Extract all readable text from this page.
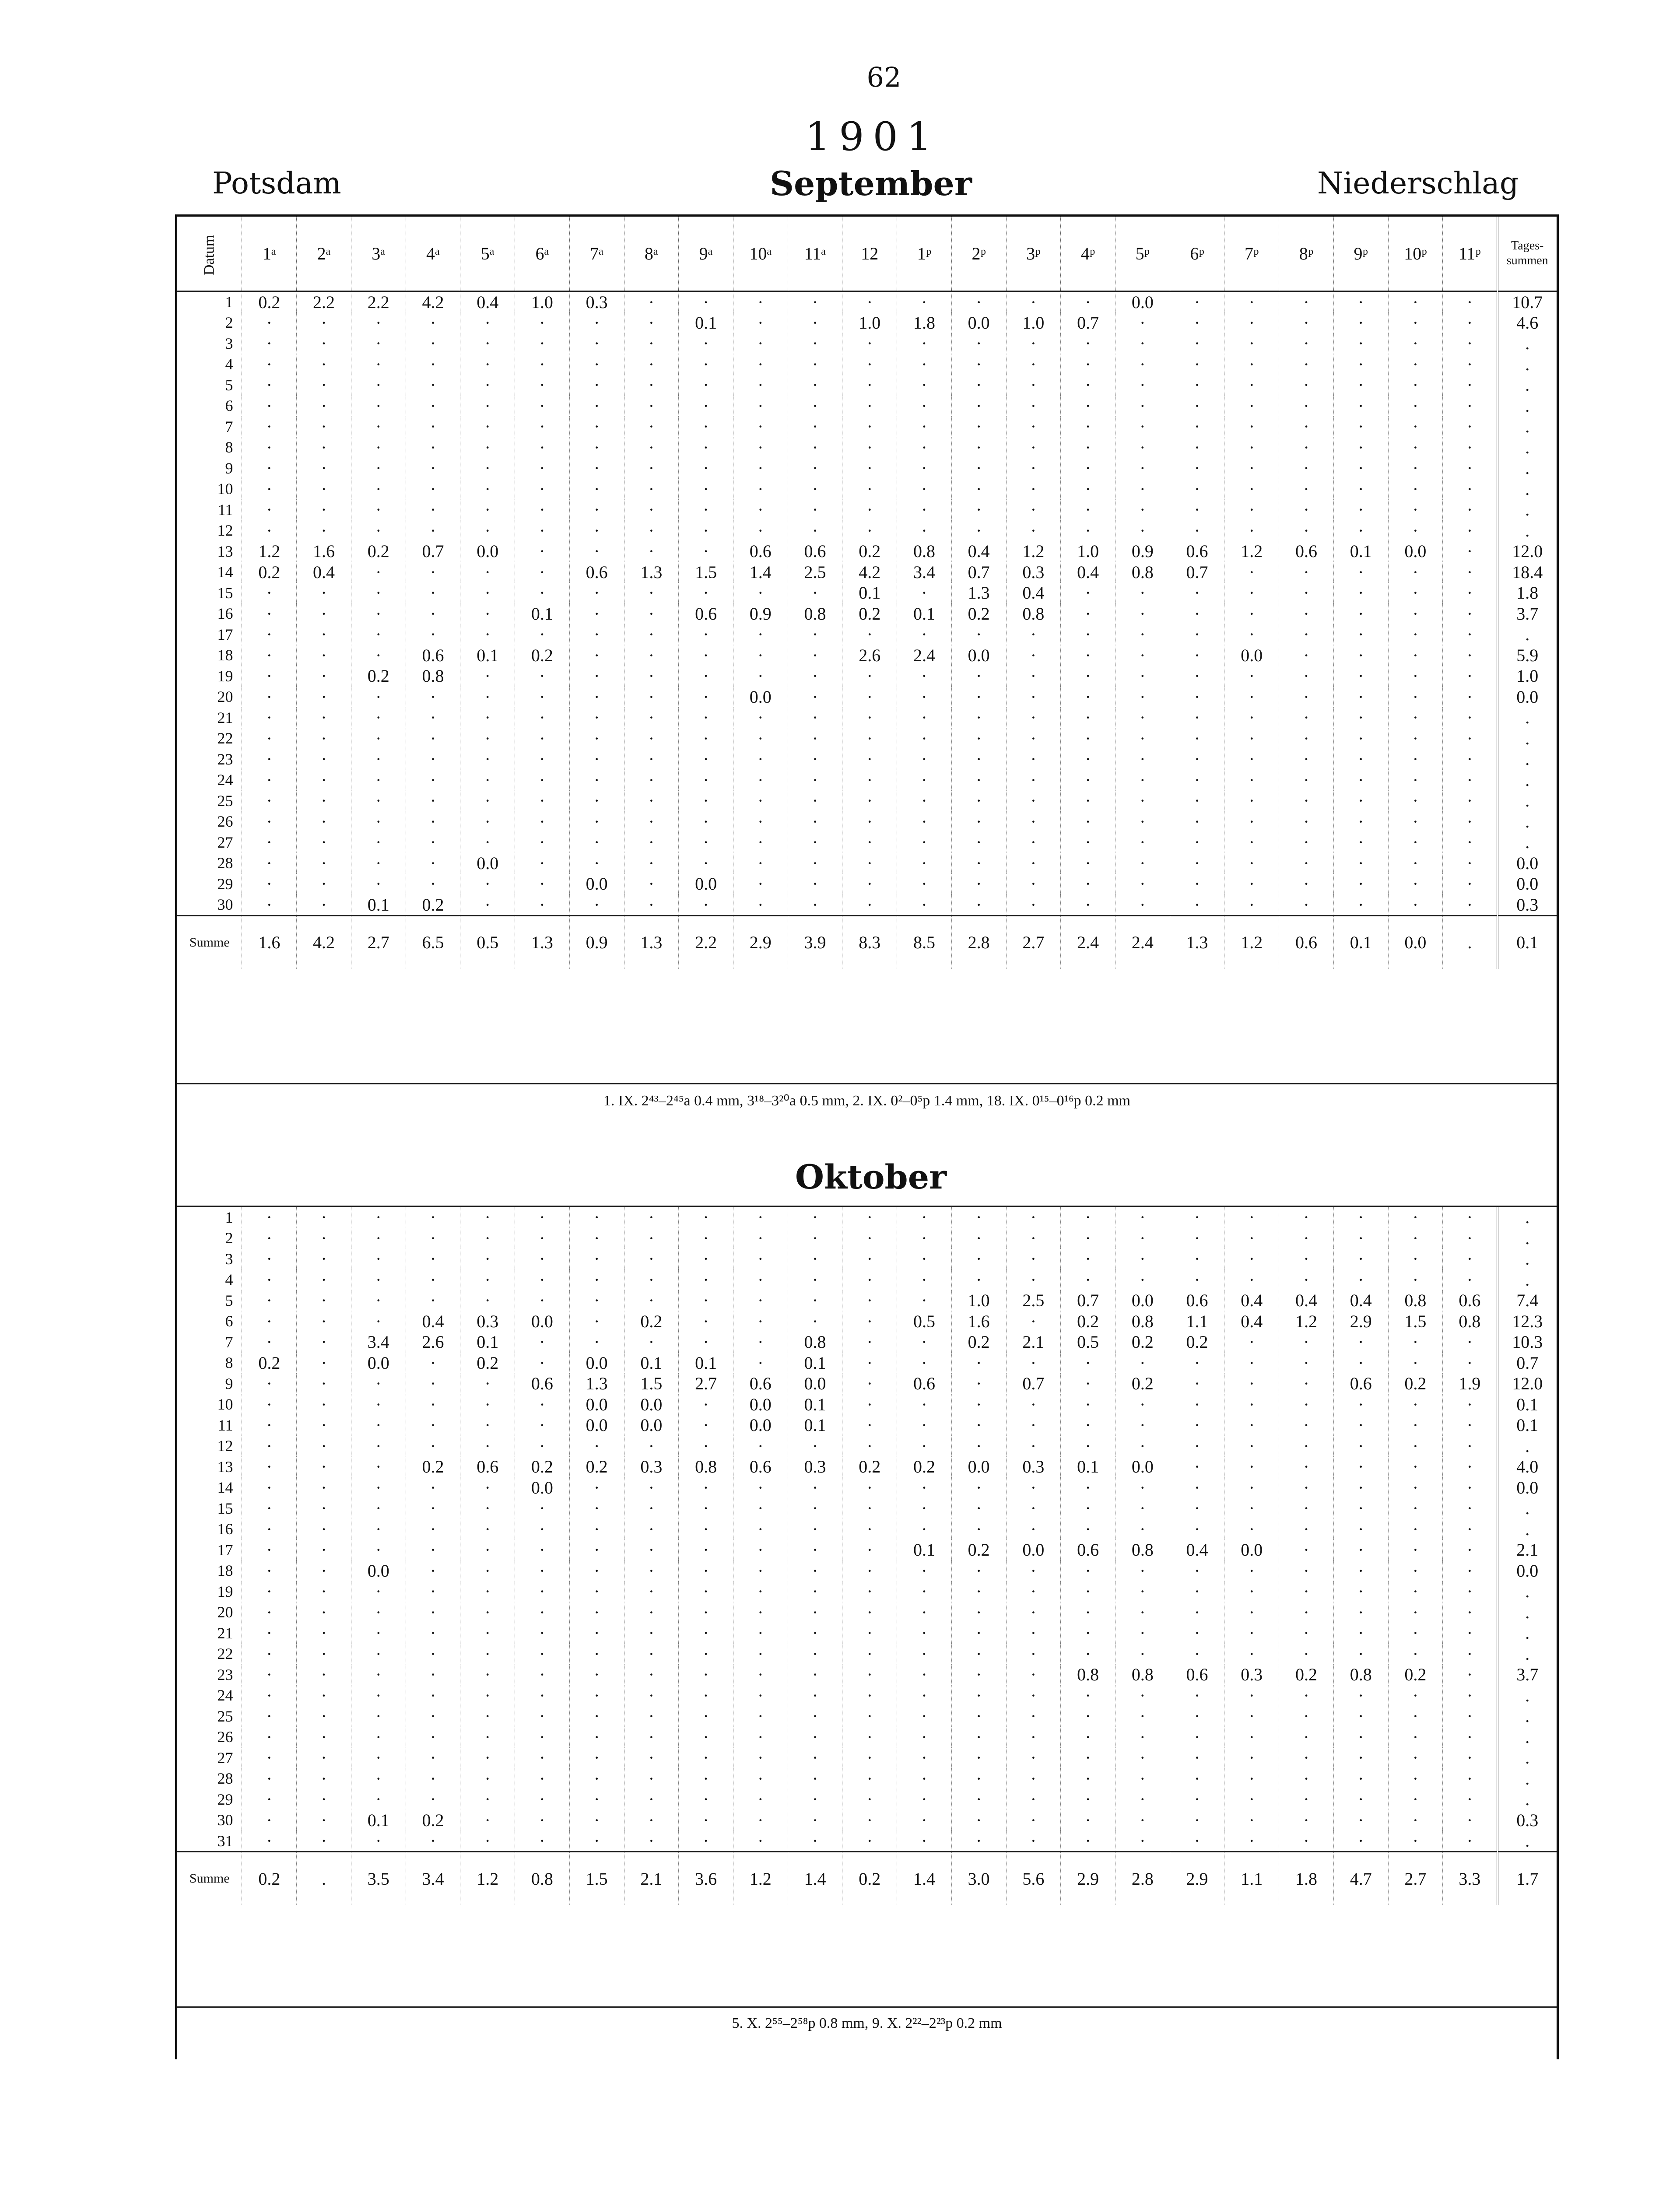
62
1901
Potsdam	September	Niederschlag
Datum	1ᵃ	2ᵃ	3ᵃ	4ᵃ	5ᵃ	6ᵃ	7ᵃ	8ᵃ	9ᵃ	10ᵃ	11ᵃ	12	1ᵖ	2ᵖ	3ᵖ	4ᵖ	5ᵖ	6ᵖ	7ᵖ	8ᵖ	9ᵖ	10ᵖ	11ᵖ	Tages-summen
1	0.2	2.2	2.2	4.2	0.4	1.0	0.3	·	·	·	·	·	·	·	·	·	0.0	·	·	·	·	·	·	10.7
2	·	·	·	·	·	·	·	·	0.1	·	·	1.0	1.8	0.0	1.0	0.7	·	·	·	·	·	·	·	4.6
3	·	·	·	·	·	·	·	·	·	·	·	·	·	·	·	·	·	·	·	·	·	·	·	.
4	·	·	·	·	·	·	·	·	·	·	·	·	·	·	·	·	·	·	·	·	·	·	·	.
5	·	·	·	·	·	·	·	·	·	·	·	·	·	·	·	·	·	·	·	·	·	·	·	.
6	·	·	·	·	·	·	·	·	·	·	·	·	·	·	·	·	·	·	·	·	·	·	·	.
7	·	·	·	·	·	·	·	·	·	·	·	·	·	·	·	·	·	·	·	·	·	·	·	.
8	·	·	·	·	·	·	·	·	·	·	·	·	·	·	·	·	·	·	·	·	·	·	·	.
9	·	·	·	·	·	·	·	·	·	·	·	·	·	·	·	·	·	·	·	·	·	·	·	.
10	·	·	·	·	·	·	·	·	·	·	·	·	·	·	·	·	·	·	·	·	·	·	·	.
11	·	·	·	·	·	·	·	·	·	·	·	·	·	·	·	·	·	·	·	·	·	·	·	.
12	·	·	·	·	·	·	·	·	·	·	·	·	·	·	·	·	·	·	·	·	·	·	·	.
13	1.2	1.6	0.2	0.7	0.0	·	·	·	·	0.6	0.6	0.2	0.8	0.4	1.2	1.0	0.9	0.6	1.2	0.6	0.1	0.0	·	12.0
14	0.2	0.4	·	·	·	·	0.6	1.3	1.5	1.4	2.5	4.2	3.4	0.7	0.3	0.4	0.8	0.7	·	·	·	·	·	18.4
15	·	·	·	·	·	·	·	·	·	·	·	0.1	·	1.3	0.4	·	·	·	·	·	·	·	·	1.8
16	·	·	·	·	·	0.1	·	·	0.6	0.9	0.8	0.2	0.1	0.2	0.8	·	·	·	·	·	·	·	·	3.7
17	·	·	·	·	·	·	·	·	·	·	·	·	·	·	·	·	·	·	·	·	·	·	·	.
18	·	·	·	0.6	0.1	0.2	·	·	·	·	·	2.6	2.4	0.0	·	·	·	·	0.0	·	·	·	·	5.9
19	·	·	0.2	0.8	·	·	·	·	·	·	·	·	·	·	·	·	·	·	·	·	·	·	·	1.0
20	·	·	·	·	·	·	·	·	·	0.0	·	·	·	·	·	·	·	·	·	·	·	·	·	0.0
21	·	·	·	·	·	·	·	·	·	·	·	·	·	·	·	·	·	·	·	·	·	·	·	.
22	·	·	·	·	·	·	·	·	·	·	·	·	·	·	·	·	·	·	·	·	·	·	·	.
23	·	·	·	·	·	·	·	·	·	·	·	·	·	·	·	·	·	·	·	·	·	·	·	.
24	·	·	·	·	·	·	·	·	·	·	·	·	·	·	·	·	·	·	·	·	·	·	·	.
25	·	·	·	·	·	·	·	·	·	·	·	·	·	·	·	·	·	·	·	·	·	·	·	.
26	·	·	·	·	·	·	·	·	·	·	·	·	·	·	·	·	·	·	·	·	·	·	·	.
27	·	·	·	·	·	·	·	·	·	·	·	·	·	·	·	·	·	·	·	·	·	·	·	.
28	·	·	·	·	0.0	·	·	·	·	·	·	·	·	·	·	·	·	·	·	·	·	·	·	0.0
29	·	·	·	·	·	·	0.0	·	0.0	·	·	·	·	·	·	·	·	·	·	·	·	·	·	0.0
30	·	·	0.1	0.2	·	·	·	·	·	·	·	·	·	·	·	·	·	·	·	·	·	·	·	0.3
Summe	1.6	4.2	2.7	6.5	0.5	1.3	0.9	1.3	2.2	2.9	3.9	8.3	8.5	2.8	2.7	2.4	2.4	1.3	1.2	0.6	0.1	0.0	.	0.1
1. IX. 2⁴³–2⁴⁵a 0.4 mm, 3¹⁸–3²⁰a 0.5 mm, 2. IX. 0²–0⁵p 1.4 mm, 18. IX. 0¹⁵–0¹⁶p 0.2 mm
Oktober

1	·	·	·	·	·	·	·	·	·	·	·	·	·	·	·	·	·	·	·	·	·	·	·	.
2	·	·	·	·	·	·	·	·	·	·	·	·	·	·	·	·	·	·	·	·	·	·	·	.
3	·	·	·	·	·	·	·	·	·	·	·	·	·	·	·	·	·	·	·	·	·	·	·	.
4	·	·	·	·	·	·	·	·	·	·	·	·	·	·	·	·	·	·	·	·	·	·	·	.
5	·	·	·	·	·	·	·	·	·	·	·	·	·	1.0	2.5	0.7	0.0	0.6	0.4	0.4	0.4	0.8	0.6	7.4
6	·	·	·	0.4	0.3	0.0	·	0.2	·	·	·	·	0.5	1.6	·	0.2	0.8	1.1	0.4	1.2	2.9	1.5	0.8	12.3
7	·	·	3.4	2.6	0.1	·	·	·	·	·	0.8	·	·	0.2	2.1	0.5	0.2	0.2	·	·	·	·	·	10.3
8	0.2	·	0.0	·	0.2	·	0.0	0.1	0.1	·	0.1	·	·	·	·	·	·	·	·	·	·	·	·	0.7
9	·	·	·	·	·	0.6	1.3	1.5	2.7	0.6	0.0	·	0.6	·	0.7	·	0.2	·	·	·	0.6	0.2	1.9	12.0
10	·	·	·	·	·	·	0.0	0.0	·	0.0	0.1	·	·	·	·	·	·	·	·	·	·	·	·	0.1
11	·	·	·	·	·	·	0.0	0.0	·	0.0	0.1	·	·	·	·	·	·	·	·	·	·	·	·	0.1
12	·	·	·	·	·	·	·	·	·	·	·	·	·	·	·	·	·	·	·	·	·	·	·	.
13	·	·	·	0.2	0.6	0.2	0.2	0.3	0.8	0.6	0.3	0.2	0.2	0.0	0.3	0.1	0.0	·	·	·	·	·	·	4.0
14	·	·	·	·	·	0.0	·	·	·	·	·	·	·	·	·	·	·	·	·	·	·	·	·	0.0
15	·	·	·	·	·	·	·	·	·	·	·	·	·	·	·	·	·	·	·	·	·	·	·	.
16	·	·	·	·	·	·	·	·	·	·	·	·	·	·	·	·	·	·	·	·	·	·	·	.
17	·	·	·	·	·	·	·	·	·	·	·	·	0.1	0.2	0.0	0.6	0.8	0.4	0.0	·	·	·	·	2.1
18	·	·	0.0	·	·	·	·	·	·	·	·	·	·	·	·	·	·	·	·	·	·	·	·	0.0
19	·	·	·	·	·	·	·	·	·	·	·	·	·	·	·	·	·	·	·	·	·	·	·	.
20	·	·	·	·	·	·	·	·	·	·	·	·	·	·	·	·	·	·	·	·	·	·	·	.
21	·	·	·	·	·	·	·	·	·	·	·	·	·	·	·	·	·	·	·	·	·	·	·	.
22	·	·	·	·	·	·	·	·	·	·	·	·	·	·	·	·	·	·	·	·	·	·	·	.
23	·	·	·	·	·	·	·	·	·	·	·	·	·	·	·	0.8	0.8	0.6	0.3	0.2	0.8	0.2	·	3.7
24	·	·	·	·	·	·	·	·	·	·	·	·	·	·	·	·	·	·	·	·	·	·	·	.
25	·	·	·	·	·	·	·	·	·	·	·	·	·	·	·	·	·	·	·	·	·	·	·	.
26	·	·	·	·	·	·	·	·	·	·	·	·	·	·	·	·	·	·	·	·	·	·	·	.
27	·	·	·	·	·	·	·	·	·	·	·	·	·	·	·	·	·	·	·	·	·	·	·	.
28	·	·	·	·	·	·	·	·	·	·	·	·	·	·	·	·	·	·	·	·	·	·	·	.
29	·	·	·	·	·	·	·	·	·	·	·	·	·	·	·	·	·	·	·	·	·	·	·	.
30	·	·	0.1	0.2	·	·	·	·	·	·	·	·	·	·	·	·	·	·	·	·	·	·	·	0.3
31	·	·	·	·	·	·	·	·	·	·	·	·	·	·	·	·	·	·	·	·	·	·	·	.
Summe	0.2	.	3.5	3.4	1.2	0.8	1.5	2.1	3.6	1.2	1.4	0.2	1.4	3.0	5.6	2.9	2.8	2.9	1.1	1.8	4.7	2.7	3.3	1.7
5. X. 2⁵⁵–2⁵⁸p 0.8 mm, 9. X. 2²²–2²³p 0.2 mm
